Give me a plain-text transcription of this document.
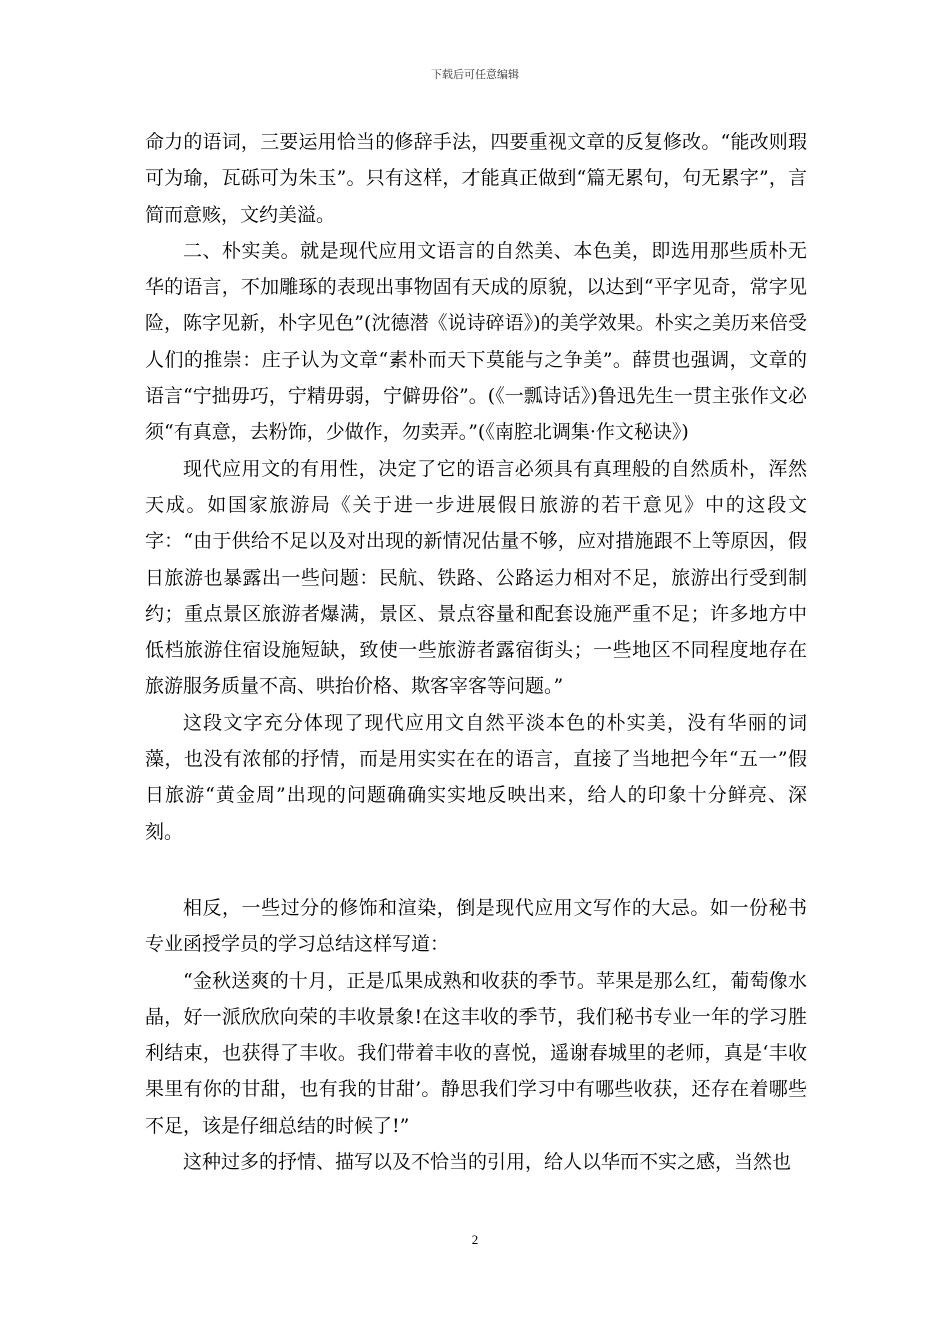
下载后可任意编辑

命力的语词，三要运用恰当的修辞手法，四要重视文章的反复修改。“能改则瑕可为瑜，瓦砾可为朱玉”。只有这样，才能真正做到“篇无累句，句无累字”，言简而意赅，文约美溢。

二、朴实美。就是现代应用文语言的自然美、本色美，即选用那些质朴无华的语言，不加雕琢的表现出事物固有天成的原貌，以达到“平字见奇，常字见险，陈字见新，朴字见色”(沈德潜《说诗碎语》)的美学效果。朴实之美历来倍受人们的推崇：庄子认为文章“素朴而天下莫能与之争美”。薛贯也强调，文章的语言“宁拙毋巧，宁精毋弱，宁僻毋俗”。(《一瓢诗话》)鲁迅先生一贯主张作文必须“有真意，去粉饰，少做作，勿卖弄。”(《南腔北调集·作文秘诀》)

现代应用文的有用性，决定了它的语言必须具有真理般的自然质朴，浑然天成。如国家旅游局《关于进一步进展假日旅游的若干意见》中的这段文字：“由于供给不足以及对出现的新情况估量不够，应对措施跟不上等原因，假日旅游也暴露出一些问题：民航、铁路、公路运力相对不足，旅游出行受到制约；重点景区旅游者爆满，景区、景点容量和配套设施严重不足；许多地方中低档旅游住宿设施短缺，致使一些旅游者露宿街头；一些地区不同程度地存在旅游服务质量不高、哄抬价格、欺客宰客等问题。”

这段文字充分体现了现代应用文自然平淡本色的朴实美，没有华丽的词藻，也没有浓郁的抒情，而是用实实在在的语言，直接了当地把今年“五一”假日旅游“黄金周”出现的问题确确实实地反映出来，给人的印象十分鲜亮、深刻。

相反，一些过分的修饰和渲染，倒是现代应用文写作的大忌。如一份秘书专业函授学员的学习总结这样写道：

“金秋送爽的十月，正是瓜果成熟和收获的季节。苹果是那么红，葡萄像水晶，好一派欣欣向荣的丰收景象!在这丰收的季节，我们秘书专业一年的学习胜利结束，也获得了丰收。我们带着丰收的喜悦，遥谢春城里的老师，真是‘丰收果里有你的甘甜，也有我的甘甜’。静思我们学习中有哪些收获，还存在着哪些不足，该是仔细总结的时候了!”

这种过多的抒情、描写以及不恰当的引用，给人以华而不实之感，当然也

2
